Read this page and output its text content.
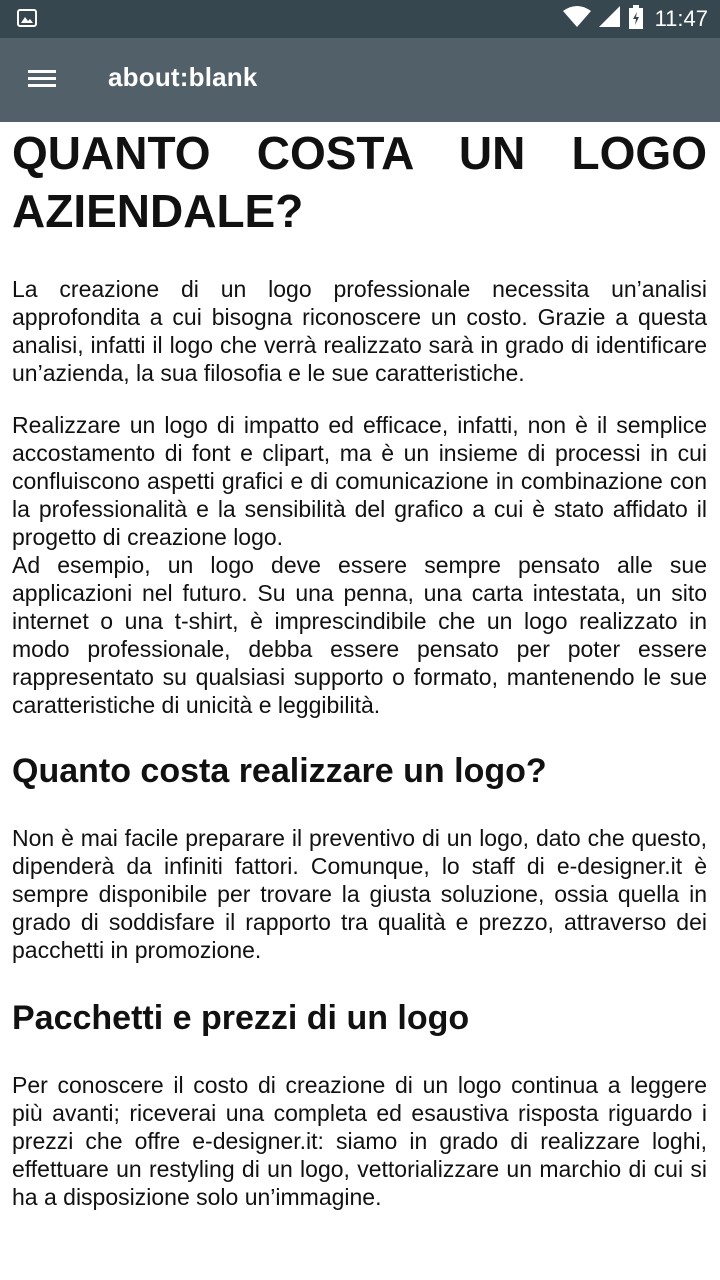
11:47
about:blank
QUANTO COSTA UN LOGO
AZIENDALE?

La creazione di un logo professionale necessita un’analisi approfondita a cui bisogna riconoscere un costo. Grazie a questa analisi, infatti il logo che verrà realizzato sarà in grado di identificare un’azienda, la sua filosofia e le sue caratteristiche.

Realizzare un logo di impatto ed efficace, infatti, non è il semplice accostamento di font e clipart, ma è un insieme di processi in cui confluiscono aspetti grafici e di comunicazione in combinazione con la professionalità e la sensibilità del grafico a cui è stato affidato il progetto di creazione logo.

Ad esempio, un logo deve essere sempre pensato alle sue applicazioni nel futuro. Su una penna, una carta intestata, un sito internet o una t-shirt, è imprescindibile che un logo realizzato in modo professionale, debba essere pensato per poter essere rappresentato su qualsiasi supporto o formato, mantenendo le sue caratteristiche di unicità e leggibilità.

Quanto costa realizzare un logo?

Non è mai facile preparare il preventivo di un logo, dato che questo, dipenderà da infiniti fattori. Comunque, lo staff di e-designer.it è sempre disponibile per trovare la giusta soluzione, ossia quella in grado di soddisfare il rapporto tra qualità e prezzo, attraverso dei pacchetti in promozione.

Pacchetti e prezzi di un logo

Per conoscere il costo di creazione di un logo continua a leggere più avanti; riceverai una completa ed esaustiva risposta riguardo i prezzi che offre e-designer.it: siamo in grado di realizzare loghi, effettuare un restyling di un logo, vettorializzare un marchio di cui si ha a disposizione solo un’immagine.
